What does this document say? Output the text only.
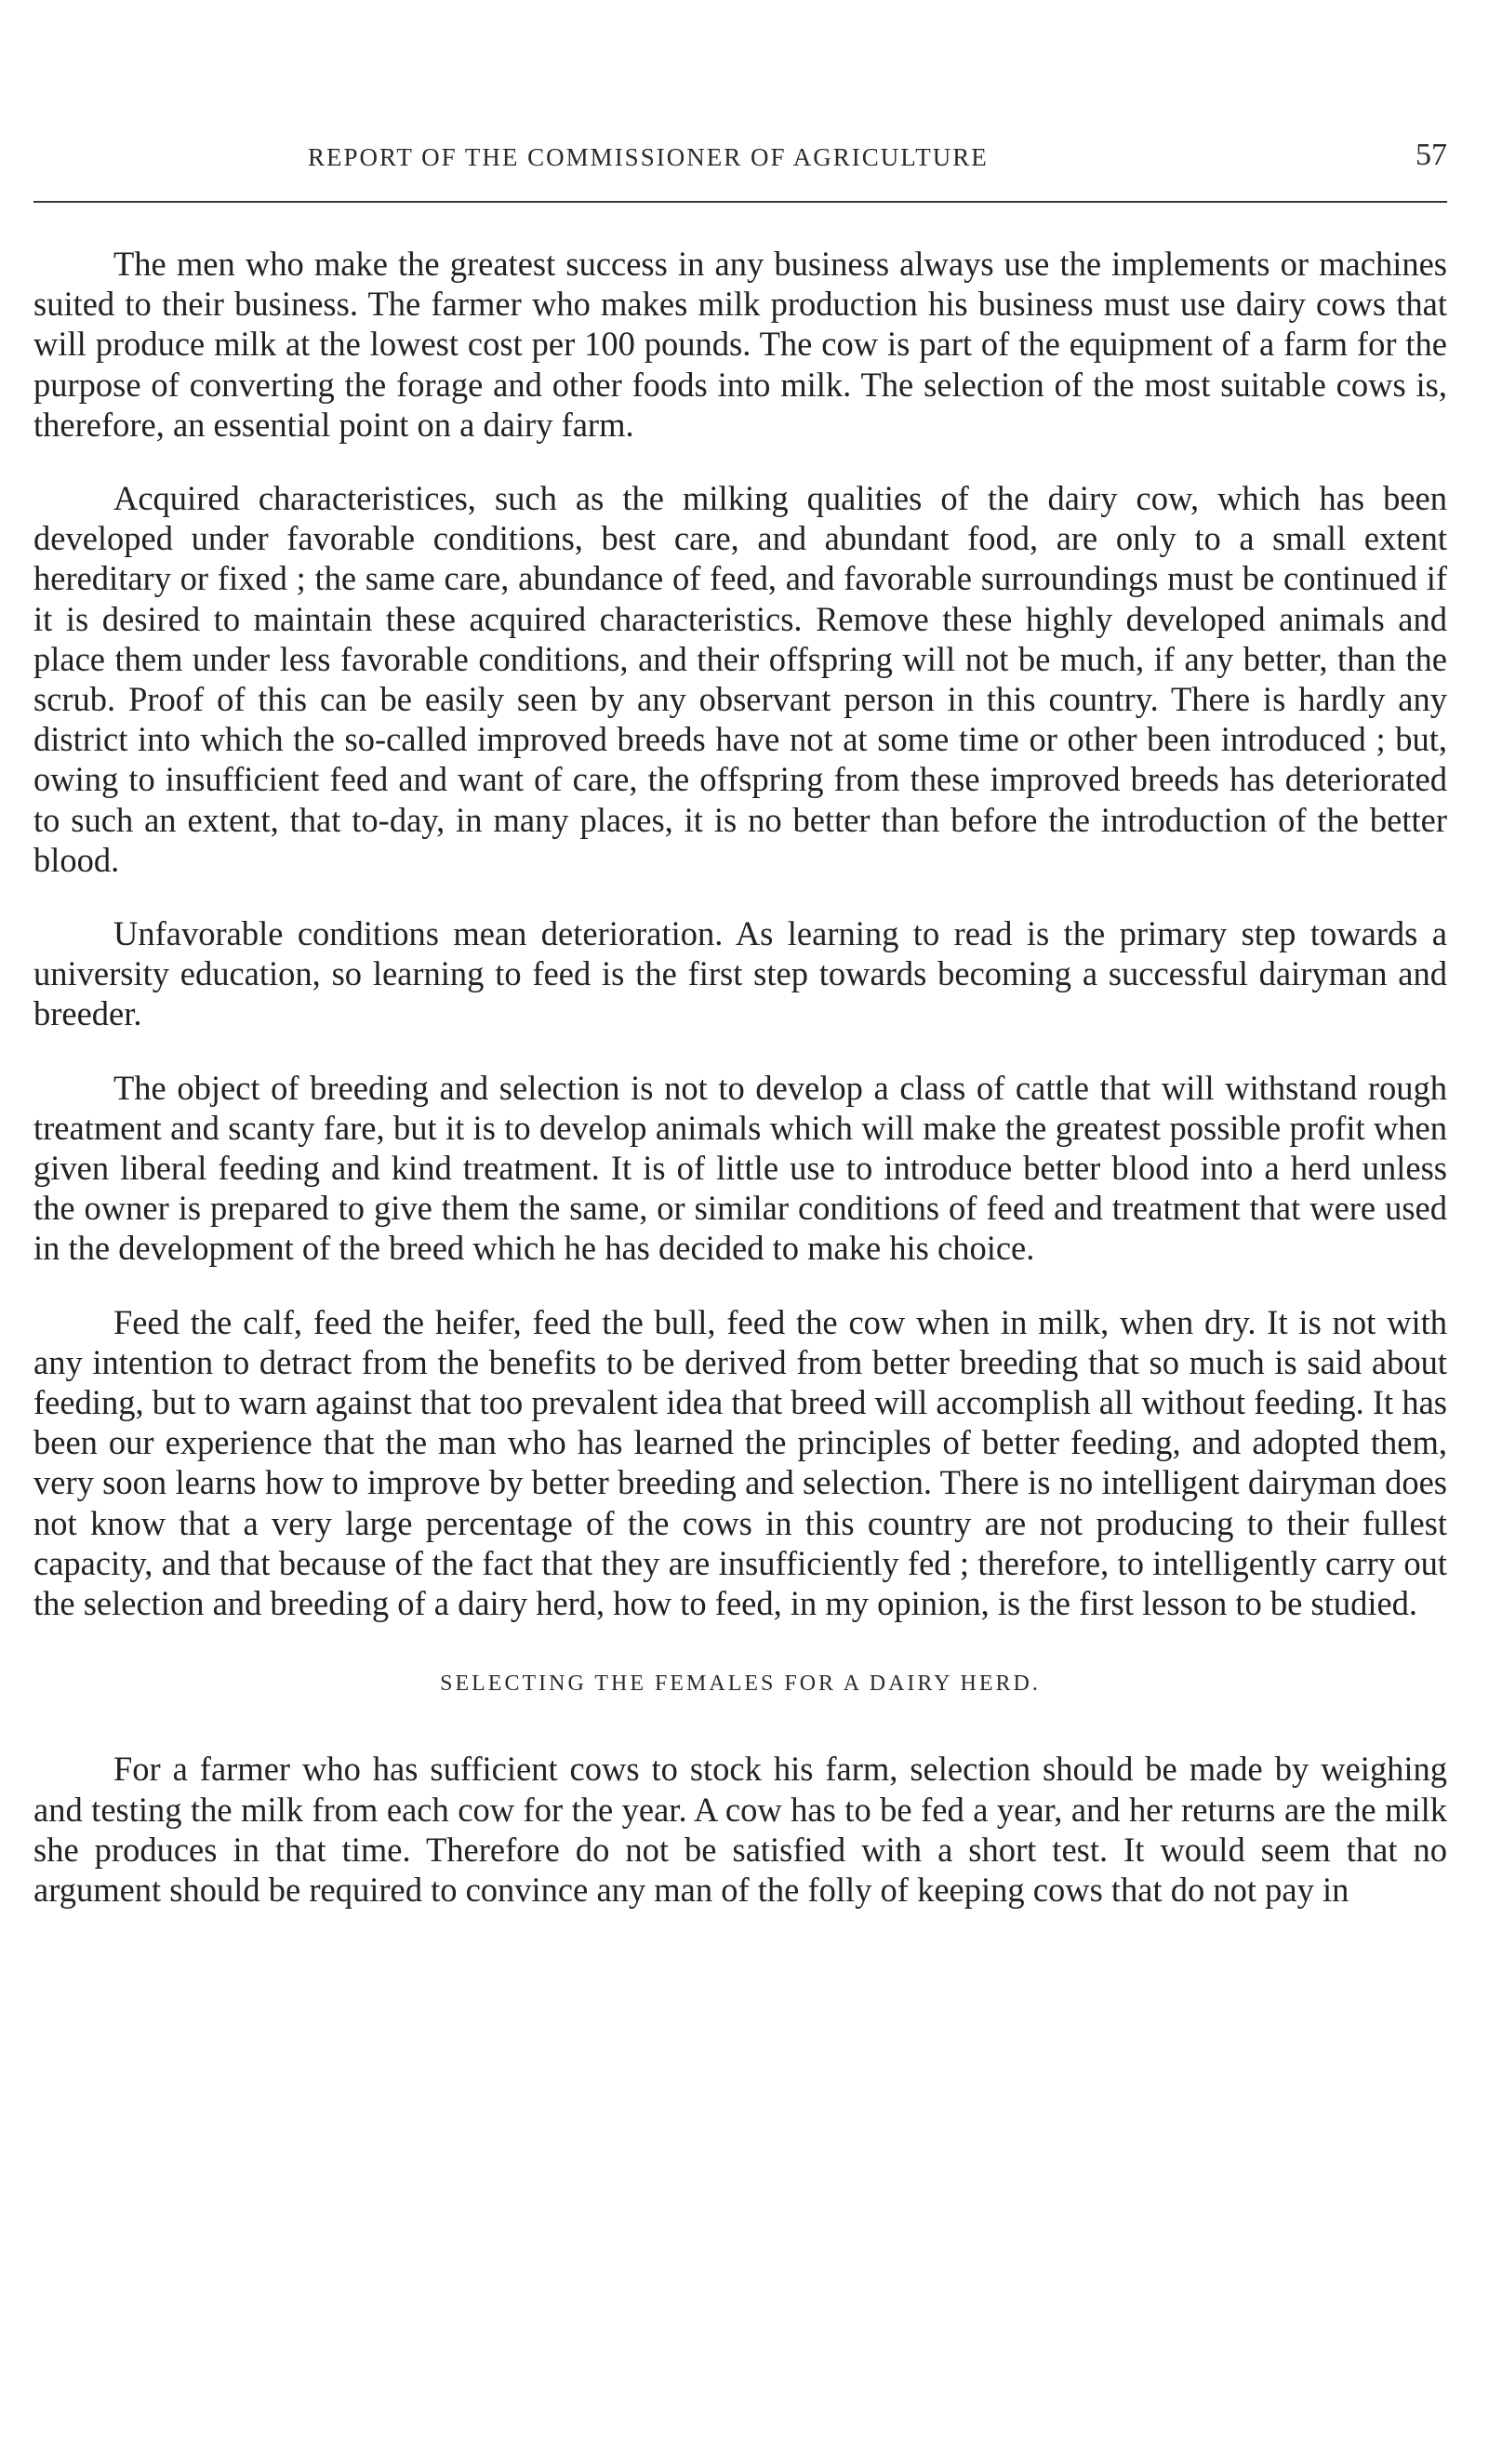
REPORT OF THE COMMISSIONER OF AGRICULTURE	57

The men who make the greatest success in any business always use the implements or machines suited to their business. The farmer who makes milk production his business must use dairy cows that will produce milk at the lowest cost per 100 pounds. The cow is part of the equipment of a farm for the purpose of converting the forage and other foods into milk. The selection of the most suitable cows is, therefore, an essential point on a dairy farm.

Acquired characteristices, such as the milking qualities of the dairy cow, which has been developed under favorable conditions, best care, and abundant food, are only to a small extent hereditary or fixed ; the same care, abundance of feed, and favorable surroundings must be continued if it is desired to maintain these acquired characteristics. Remove these highly developed animals and place them under less favorable conditions, and their offspring will not be much, if any better, than the scrub. Proof of this can be easily seen by any observant person in this country. There is hardly any district into which the so-called improved breeds have not at some time or other been introduced ; but, owing to insufficient feed and want of care, the offspring from these improved breeds has deteriorated to such an extent, that to-day, in many places, it is no better than before the introduction of the better blood.

Unfavorable conditions mean deterioration. As learning to read is the primary step towards a university education, so learning to feed is the first step towards becoming a successful dairyman and breeder.

The object of breeding and selection is not to develop a class of cattle that will withstand rough treatment and scanty fare, but it is to develop animals which will make the greatest possible profit when given liberal feeding and kind treatment. It is of little use to introduce better blood into a herd unless the owner is prepared to give them the same, or similar conditions of feed and treatment that were used in the development of the breed which he has decided to make his choice.

Feed the calf, feed the heifer, feed the bull, feed the cow when in milk, when dry. It is not with any intention to detract from the benefits to be derived from better breeding that so much is said about feeding, but to warn against that too prevalent idea that breed will accomplish all without feeding. It has been our experience that the man who has learned the principles of better feeding, and adopted them, very soon learns how to improve by better breeding and selection. There is no intelligent dairyman does not know that a very large percentage of the cows in this country are not producing to their fullest capacity, and that because of the fact that they are insufficiently fed ; therefore, to intelligently carry out the selection and breeding of a dairy herd, how to feed, in my opinion, is the first lesson to be studied.

SELECTING THE FEMALES FOR A DAIRY HERD.

For a farmer who has sufficient cows to stock his farm, selection should be made by weighing and testing the milk from each cow for the year. A cow has to be fed a year, and her returns are the milk she produces in that time. Therefore do not be satisfied with a short test. It would seem that no argument should be required to convince any man of the folly of keeping cows that do not pay in
